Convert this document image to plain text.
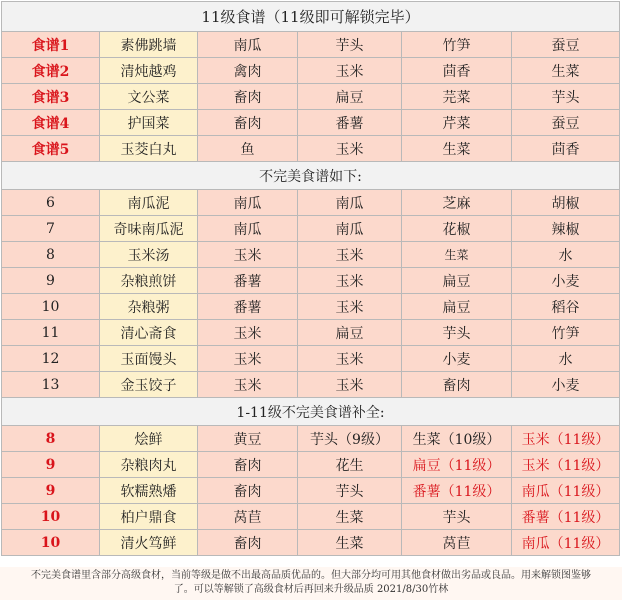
11级食谱（11级即可解锁完毕）					
食谱1	素佛跳墙	南瓜	芋头	竹笋	蚕豆
食谱2	清炖越鸡	禽肉	玉米	茴香	生菜
食谱3	文公菜	畜肉	扁豆	芫菜	芋头
食谱4	护国菜	畜肉	番薯	芹菜	蚕豆
食谱5	玉茭白丸	鱼	玉米	生菜	茴香
不完美食谱如下:					
6	南瓜泥	南瓜	南瓜	芝麻	胡椒
7	奇味南瓜泥	南瓜	南瓜	花椒	辣椒
8	玉米汤	玉米	玉米	生菜	水
9	杂粮煎饼	番薯	玉米	扁豆	小麦
10	杂粮粥	番薯	玉米	扁豆	稻谷
11	清心斋食	玉米	扁豆	芋头	竹笋
12	玉面馒头	玉米	玉米	小麦	水
13	金玉饺子	玉米	玉米	畜肉	小麦
1-11级不完美食谱补全:					
8	烩鲜	黄豆	芋头（9级）	生菜（10级）	玉米（11级）
9	杂粮肉丸	畜肉	花生	扁豆（11级）	玉米（11级）
9	软糯熟燔	畜肉	芋头	番薯（11级）	南瓜（11级）
10	柏户鼎食	莴苣	生菜	芋头	番薯（11级）
10	清火笃鲜	畜肉	生菜	莴苣	南瓜（11级）
不完美食谱里含部分高级食材，当前等级是做不出最高品质优品的。但大部分均可用其他食材做出劣品或良品。用来解锁图鉴够
了。可以等解锁了高级食材后再回来升级品质 2021/8/30竹林
